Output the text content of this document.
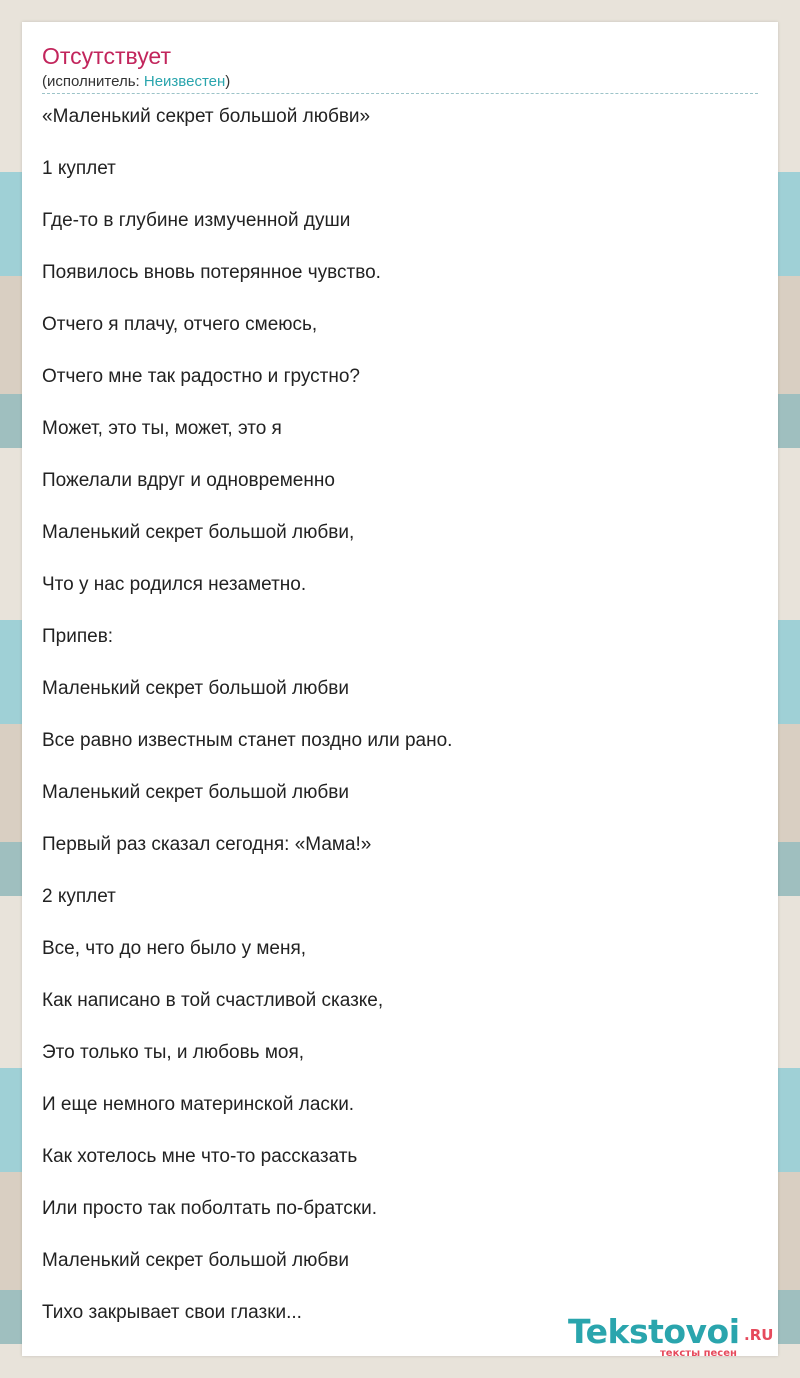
Отсутствует
(исполнитель: Неизвестен)
«Маленький секрет большой любви»
1 куплет
Где-то в глубине измученной души
Появилось вновь потерянное чувство.
Отчего я плачу, отчего смеюсь,
Отчего мне так радостно и грустно?
Может, это ты, может, это я
Пожелали вдруг и одновременно
Маленький секрет большой любви,
Что у нас родился незаметно.
Припев:
Маленький секрет большой любви
Все равно известным станет поздно или рано.
Маленький секрет большой любви
Первый раз сказал сегодня: «Мама!»
2 куплет
Все, что до него было у меня,
Как написано в той счастливой сказке,
Это только ты, и любовь моя,
И еще немного материнской ласки.
Как хотелось мне что-то рассказать
Или просто так поболтать по-братски.
Маленький секрет большой любви
Тихо закрывает свои глазки...	Tekstovoi .RU
тексты песен
